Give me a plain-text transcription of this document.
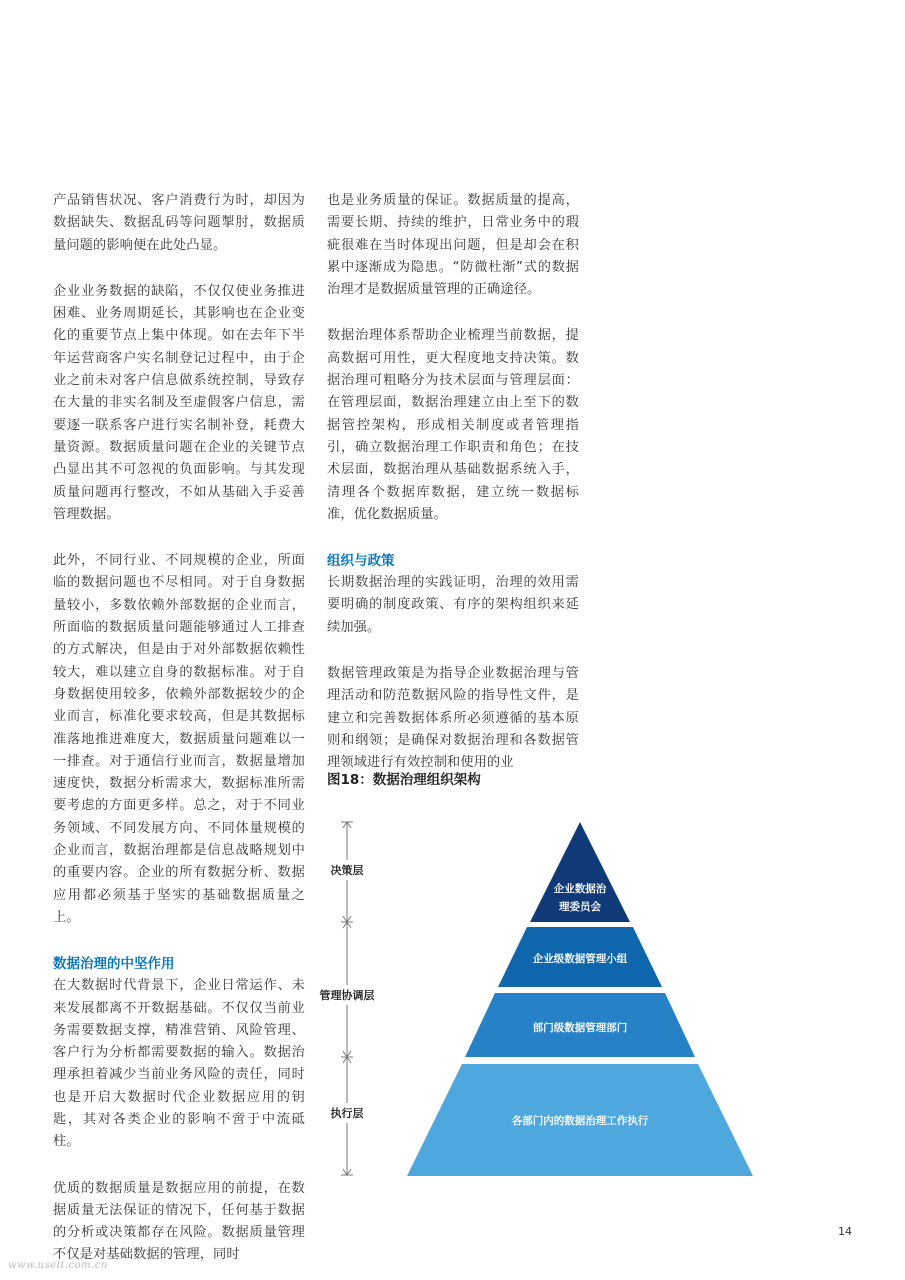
产品销售状况、客户消费行为时，却因为数据缺失、数据乱码等问题掣肘，数据质量问题的影响便在此处凸显。

企业业务数据的缺陷，不仅仅使业务推进困难、业务周期延长，其影响也在企业变化的重要节点上集中体现。如在去年下半年运营商客户实名制登记过程中，由于企业之前未对客户信息做系统控制，导致存在大量的非实名制及至虚假客户信息，需要逐一联系客户进行实名制补登，耗费大量资源。数据质量问题在企业的关键节点凸显出其不可忽视的负面影响。与其发现质量问题再行整改，不如从基础入手妥善管理数据。

此外，不同行业、不同规模的企业，所面临的数据问题也不尽相同。对于自身数据量较小，多数依赖外部数据的企业而言，所面临的数据质量问题能够通过人工排查的方式解决，但是由于对外部数据依赖性较大，难以建立自身的数据标准。对于自身数据使用较多，依赖外部数据较少的企业而言，标准化要求较高，但是其数据标准落地推进难度大，数据质量问题难以一一排查。对于通信行业而言，数据量增加速度快，数据分析需求大，数据标准所需要考虑的方面更多样。总之，对于不同业务领域、不同发展方向、不同体量规模的企业而言，数据治理都是信息战略规划中的重要内容。企业的所有数据分析、数据应用都必须基于坚实的基础数据质量之上。

数据治理的中坚作用

在大数据时代背景下，企业日常运作、未来发展都离不开数据基础。不仅仅当前业务需要数据支撑，精准营销、风险管理、客户行为分析都需要数据的输入。数据治理承担着减少当前业务风险的责任，同时也是开启大数据时代企业数据应用的钥匙，其对各类企业的影响不啻于中流砥柱。

优质的数据质量是数据应用的前提，在数据质量无法保证的情况下，任何基于数据的分析或决策都存在风险。数据质量管理不仅是对基础数据的管理，同时

也是业务质量的保证。数据质量的提高，需要长期、持续的维护，日常业务中的瑕疵很难在当时体现出问题，但是却会在积累中逐渐成为隐患。“防微杜渐”式的数据治理才是数据质量管理的正确途径。

数据治理体系帮助企业梳理当前数据，提高数据可用性，更大程度地支持决策。数据治理可粗略分为技术层面与管理层面：在管理层面，数据治理建立由上至下的数据管控架构，形成相关制度或者管理指引，确立数据治理工作职责和角色；在技术层面，数据治理从基础数据系统入手，清理各个数据库数据，建立统一数据标准，优化数据质量。

组织与政策

长期数据治理的实践证明，治理的效用需要明确的制度政策、有序的架构组织来延续加强。

数据管理政策是为指导企业数据治理与管理活动和防范数据风险的指导性文件，是建立和完善数据体系所必须遵循的基本原则和纲领；是确保对数据治理和各数据管理领域进行有效控制和使用的业

图18：数据治理组织架构
决策层
管理协调层
执行层
企业数据治
理委员会
企业级数据管理小组
部门级数据管理部门
各部门内的数据治理工作执行
14
www.uselt.com.cn
